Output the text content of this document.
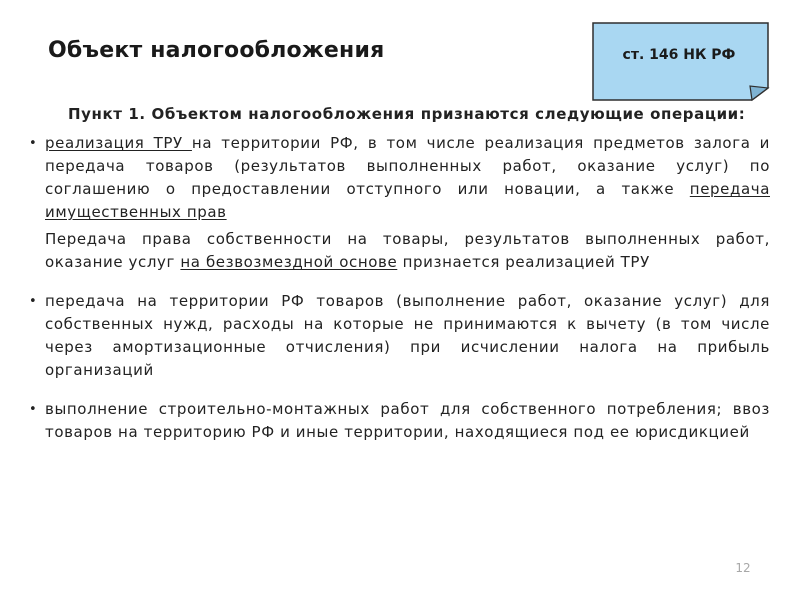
Объект налогообложения	ст. 146 НК РФ
Пункт 1. Объектом налогообложения признаются следующие операции:
• реализация ТРУ на территории РФ, в том числе реализация предметов залога и передача товаров (результатов выполненных работ, оказание услуг) по соглашению о предоставлении отступного или новации, а также передача имущественных прав
Передача права собственности на товары, результатов выполненных работ, оказание услуг на безвозмездной основе признается реализацией ТРУ
• передача на территории РФ товаров (выполнение работ, оказание услуг) для собственных нужд, расходы на которые не принимаются к вычету (в том числе через амортизационные отчисления) при исчислении налога на прибыль организаций
• выполнение строительно-монтажных работ для собственного потребления; ввоз товаров на территорию РФ и иные территории, находящиеся под ее юрисдикцией
12
